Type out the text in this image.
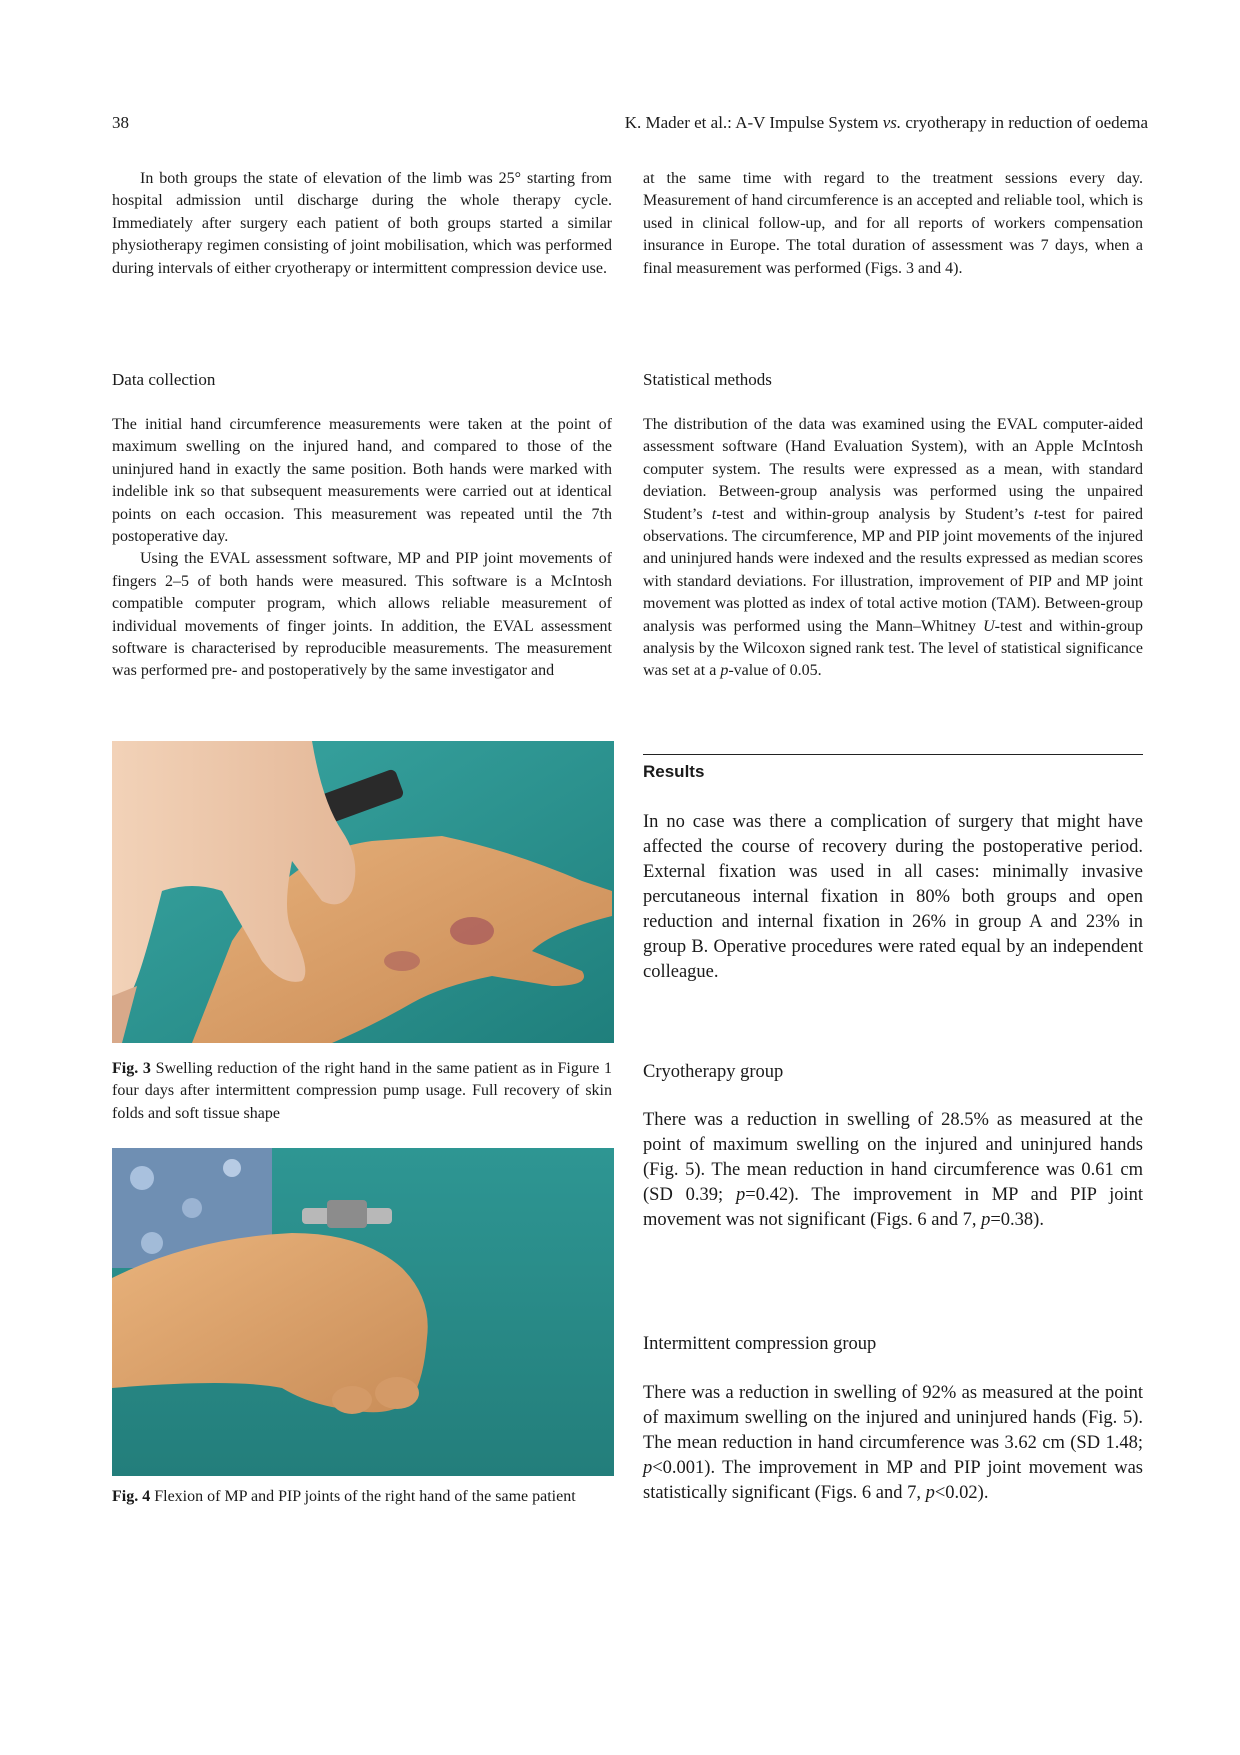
38	K. Mader et al.: A-V Impulse System vs. cryotherapy in reduction of oedema

In both groups the state of elevation of the limb was 25° starting from hospital admission until discharge during the whole therapy cycle. Immediately after surgery each patient of both groups started a similar physiotherapy regimen consisting of joint mobilisation, which was performed during intervals of either cryotherapy or intermittent compression device use.

Data collection

The initial hand circumference measurements were taken at the point of maximum swelling on the injured hand, and compared to those of the uninjured hand in exactly the same position. Both hands were marked with indelible ink so that subsequent measurements were carried out at identical points on each occasion. This measurement was repeated until the 7th postoperative day.

Using the EVAL assessment software, MP and PIP joint movements of fingers 2–5 of both hands were measured. This software is a McIntosh compatible computer program, which allows reliable measurement of individual movements of finger joints. In addition, the EVAL assessment software is characterised by reproducible measurements. The measurement was performed pre- and postoperatively by the same investigator and

Fig. 3 Swelling reduction of the right hand in the same patient as in Figure 1 four days after intermittent compression pump usage. Full recovery of skin folds and soft tissue shape
Fig. 4 Flexion of MP and PIP joints of the right hand of the same patient

at the same time with regard to the treatment sessions every day. Measurement of hand circumference is an accepted and reliable tool, which is used in clinical follow-up, and for all reports of workers compensation insurance in Europe. The total duration of assessment was 7 days, when a final measurement was performed (Figs. 3 and 4).

Statistical methods

The distribution of the data was examined using the EVAL computer-aided assessment software (Hand Evaluation System), with an Apple McIntosh computer system. The results were expressed as a mean, with standard deviation. Between-group analysis was performed using the unpaired Student’s t-test and within-group analysis by Student’s t-test for paired observations. The circumference, MP and PIP joint movements of the injured and uninjured hands were indexed and the results expressed as median scores with standard deviations. For illustration, improvement of PIP and MP joint movement was plotted as index of total active motion (TAM). Between-group analysis was performed using the Mann–Whitney U-test and within-group analysis by the Wilcoxon signed rank test. The level of statistical significance was set at a p-value of 0.05.

Results
In no case was there a complication of surgery that might have affected the course of recovery during the postoperative period. External fixation was used in all cases: minimally invasive percutaneous internal fixation in 80% both groups and open reduction and internal fixation in 26% in group A and 23% in group B. Operative procedures were rated equal by an independent colleague.
Cryotherapy group
There was a reduction in swelling of 28.5% as measured at the point of maximum swelling on the injured and uninjured hands (Fig. 5). The mean reduction in hand circumference was 0.61 cm (SD 0.39; p=0.42). The improvement in MP and PIP joint movement was not significant (Figs. 6 and 7, p=0.38).
Intermittent compression group
There was a reduction in swelling of 92% as measured at the point of maximum swelling on the injured and uninjured hands (Fig. 5). The mean reduction in hand circumference was 3.62 cm (SD 1.48; p<0.001). The improvement in MP and PIP joint movement was statistically significant (Figs. 6 and 7, p<0.02).
